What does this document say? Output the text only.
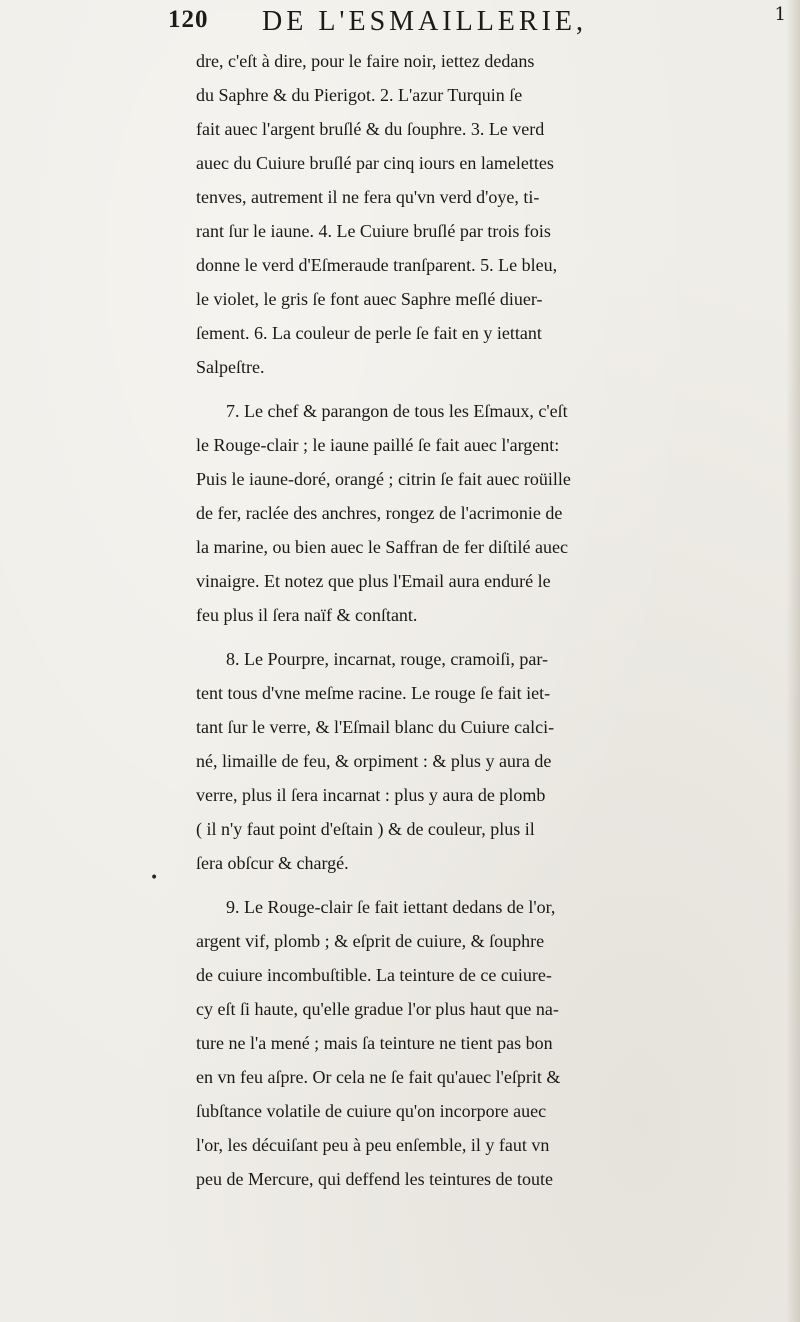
120 DE L'ESMAILLERIE,	1
dre, c'eſt à dire, pour le faire noir, iettez dedans
du Saphre & du Pierigot. 2. L'azur Turquin ſe
fait auec l'argent bruſlé & du ſouphre. 3. Le verd
auec du Cuiure bruſlé par cinq iours en lamelettes
tenves, autrement il ne fera qu'vn verd d'oye, ti-
rant ſur le iaune. 4. Le Cuiure bruſlé par trois fois
donne le verd d'Eſmeraude tranſparent. 5. Le bleu,
le violet, le gris ſe font auec Saphre meſlé diuer-
ſement. 6. La couleur de perle ſe fait en y iettant
Salpeſtre.
7. Le chef & parangon de tous les Eſmaux, c'eſt
le Rouge-clair ; le iaune paillé ſe fait auec l'argent:
Puis le iaune-doré, orangé ; citrin ſe fait auec roüille
de fer, raclée des anchres, rongez de l'acrimonie de
la marine, ou bien auec le Saffran de fer diſtilé auec
vinaigre. Et notez que plus l'Email aura enduré le
feu plus il ſera naïf & conſtant.
8. Le Pourpre, incarnat, rouge, cramoiſi, par-
tent tous d'vne meſme racine. Le rouge ſe fait iet-
tant ſur le verre, & l'Eſmail blanc du Cuiure calci-
né, limaille de feu, & orpiment : & plus y aura de
verre, plus il ſera incarnat : plus y aura de plomb
( il n'y faut point d'eſtain ) & de couleur, plus il
ſera obſcur & chargé.
9. Le Rouge-clair ſe fait iettant dedans de l'or,
argent vif, plomb ; & eſprit de cuiure, & ſouphre
de cuiure incombuſtible. La teinture de ce cuiure-
cy eſt ſi haute, qu'elle gradue l'or plus haut que na-
ture ne l'a mené ; mais ſa teinture ne tient pas bon
en vn feu aſpre. Or cela ne ſe fait qu'auec l'eſprit &
ſubſtance volatile de cuiure qu'on incorpore auec
l'or, les décuiſant peu à peu enſemble, il y faut vn
peu de Mercure, qui deffend les teintures de toute
•
